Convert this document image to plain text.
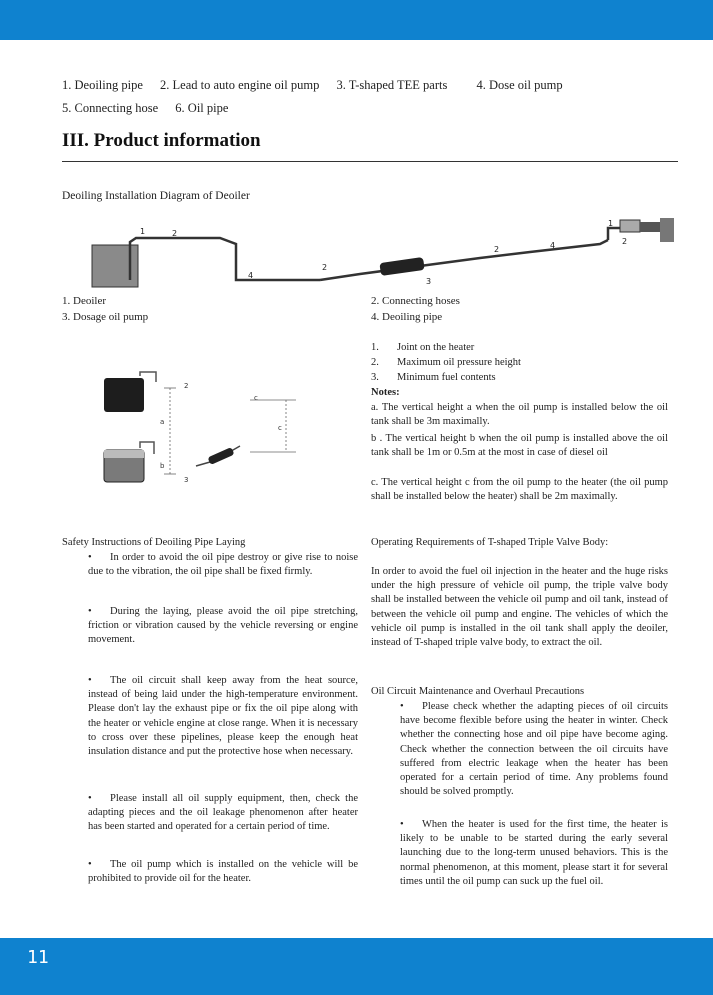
1. Deoiling pipe 2. Lead to auto engine oil pump 3. T-shaped TEE parts 4. Dose oil pump
5. Connecting hose 6. Oil pipe
III. Product information
Deoiling Installation Diagram of Deoiler
1	2
4
2
3
2	4
1
2
1. Deoiler
3. Dosage oil pump
2. Connecting hoses
4. Deoiling pipe
2
a
b
3
c
c
1. Joint on the heater
2. Maximum oil pressure height
3. Minimum fuel contents
Notes:
a. The vertical height a when the oil pump is installed below the oil tank shall be 3m maximally.
b . The vertical height b when the oil pump is installed above the oil tank shall be 1m or 0.5m at the most in case of diesel oil
c. The vertical height c from the oil pump to the heater (the oil pump shall be installed below the heater) shall be 2m maximally.
Safety Instructions of Deoiling Pipe Laying
• In order to avoid the oil pipe destroy or give rise to noise due to the vibration, the oil pipe shall be fixed firmly.
• During the laying, please avoid the oil pipe stretching, friction or vibration caused by the vehicle reversing or engine movement.
• The oil circuit shall keep away from the heat source, instead of being laid under the high-temperature environment. Please don't lay the exhaust pipe or fix the oil pipe along with the heater or vehicle engine at close range. When it is necessary to cross over these pipelines, please keep the enough heat insulation distance and put the protective hose when necessary.
• Please install all oil supply equipment, then, check the adapting pieces and the oil leakage phenomenon after heater has been started and operated for a certain period of time.
• The oil pump which is installed on the vehicle will be prohibited to provide oil for the heater.
Operating Requirements of T-shaped Triple Valve Body:
In order to avoid the fuel oil injection in the heater and the huge risks under the high pressure of vehicle oil pump, the triple valve body shall be installed between the vehicle oil pump and oil tank, instead of between the vehicle oil pump and engine. The vehicles of which the vehicle oil pump is installed in the oil tank shall apply the deoiler, instead of T-shaped triple valve body, to extract the oil.
Oil Circuit Maintenance and Overhaul Precautions
• Please check whether the adapting pieces of oil circuits have become flexible before using the heater in winter. Check whether the connecting hose and oil pipe have become aging. Check whether the connection between the oil circuits have suffered from electric leakage when the heater has been operated for a certain period of time. Any problems found should be solved promptly.
• When the heater is used for the first time, the heater is likely to be unable to be started during the early several launching due to the long-term unused behaviors. This is the normal phenomenon, at this moment, please start it for several times until the oil pump can suck up the fuel oil.
11
